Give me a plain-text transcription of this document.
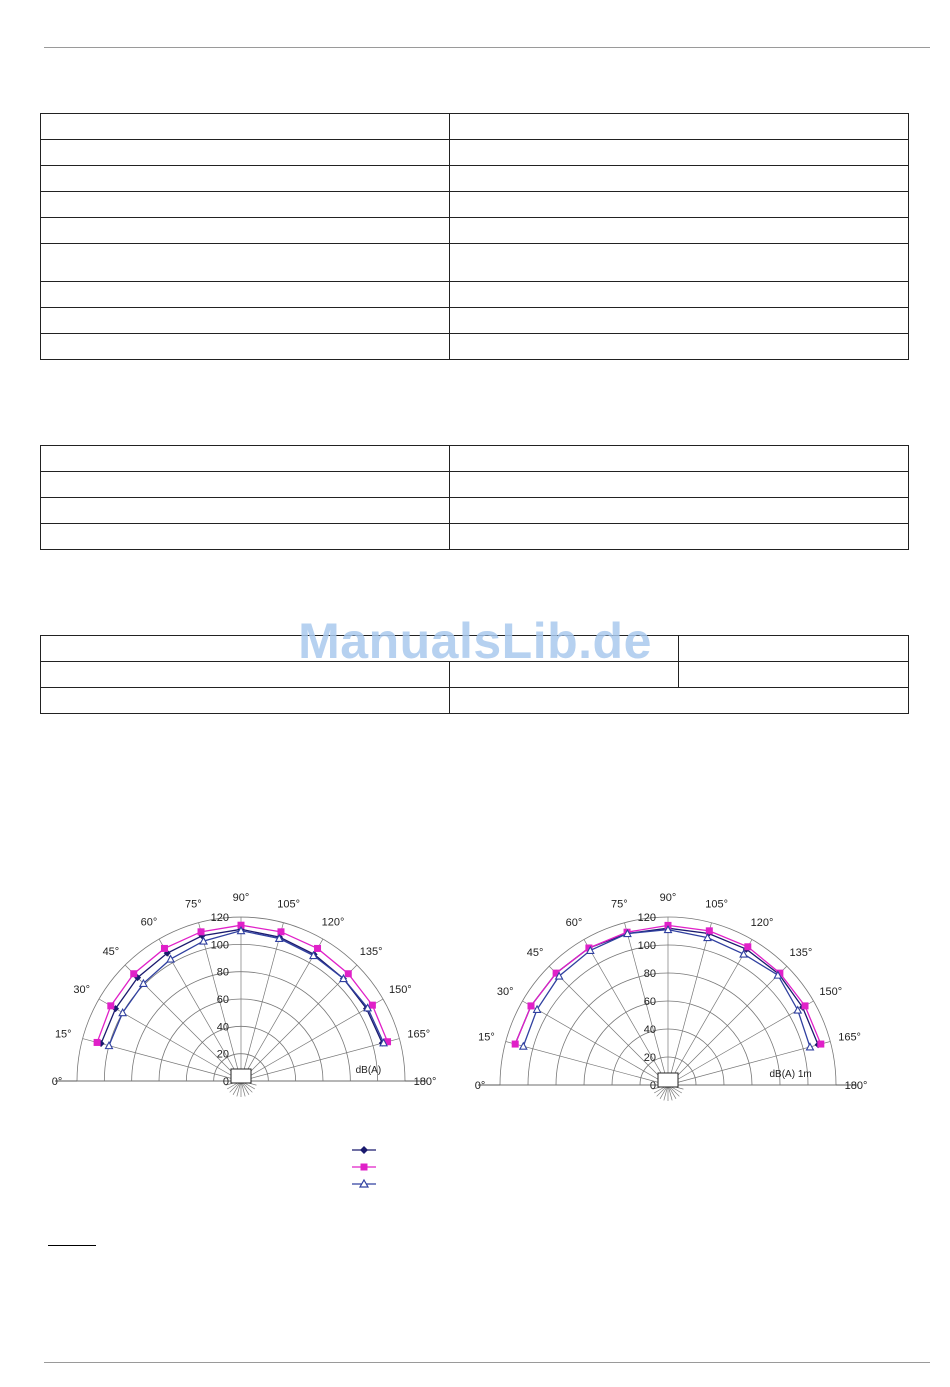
ManualsLib.de
0
20
40
60
80
100
120
0°
15°
30°
45°
60°
75°
90°
105°
120°
135°
150°
165°
180°
dB(A)
0
20
40
60
80
100
120
0°
15°
30°
45°
60°
75°
90°
105°
120°
135°
150°
165°
180°
dB(A) 1m
